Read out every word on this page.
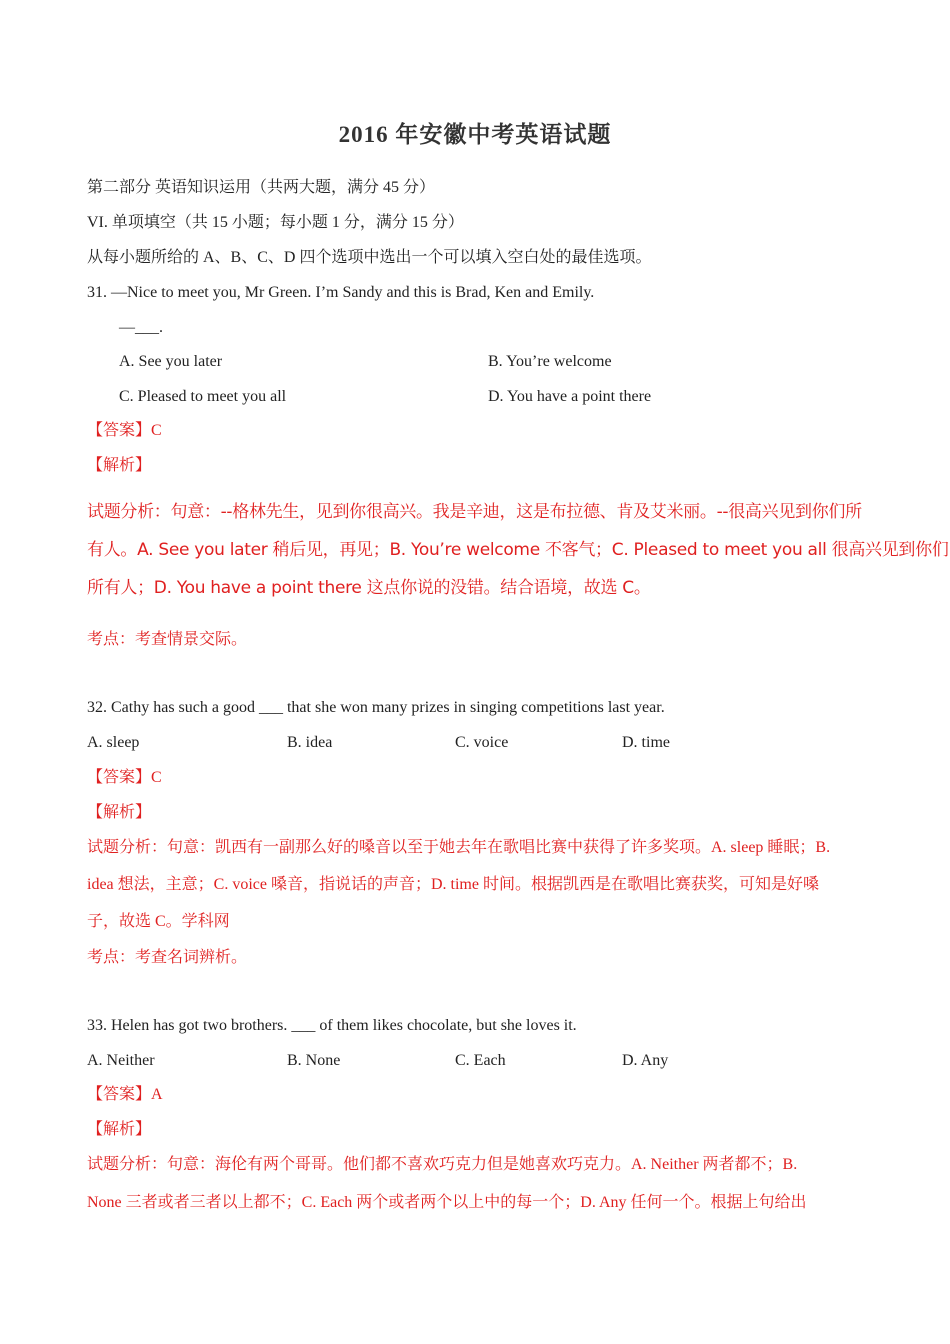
2016 年安徽中考英语试题
第二部分 英语知识运用（共两大题，满分 45 分）
VI. 单项填空（共 15 小题；每小题 1 分，满分 15 分）
从每小题所给的 A、B、C、D 四个选项中选出一个可以填入空白处的最佳选项。
31. —Nice to meet you, Mr Green. I’m Sandy and this is Brad, Ken and Emily.
—___.
A. See you later	B. You’re welcome
C. Pleased to meet you all	D. You have a point there
【答案】C
【解析】
试题分析：句意：--格林先生，见到你很高兴。我是辛迪，这是布拉德、肯及艾米丽。--很高兴见到你们所
有人。A. See you later 稍后见，再见；B. You’re welcome 不客气；C. Pleased to meet you all 很高兴见到你们
所有人；D. You have a point there 这点你说的没错。结合语境，故选 C。
考点：考查情景交际。
32. Cathy has such a good ___ that she won many prizes in singing competitions last year.
A. sleep	B. idea	C. voice	D. time
【答案】C
【解析】
试题分析：句意：凯西有一副那么好的嗓音以至于她去年在歌唱比赛中获得了许多奖项。A. sleep 睡眠；B.
idea 想法，主意；C. voice 嗓音，指说话的声音；D. time 时间。根据凯西是在歌唱比赛获奖，可知是好嗓
子，故选 C。学科网
考点：考查名词辨析。
33. Helen has got two brothers. ___ of them likes chocolate, but she loves it.
A. Neither	B. None	C. Each	D. Any
【答案】A
【解析】
试题分析：句意：海伦有两个哥哥。他们都不喜欢巧克力但是她喜欢巧克力。A. Neither 两者都不；B.
None 三者或者三者以上都不；C. Each 两个或者两个以上中的每一个；D. Any 任何一个。根据上句给出
